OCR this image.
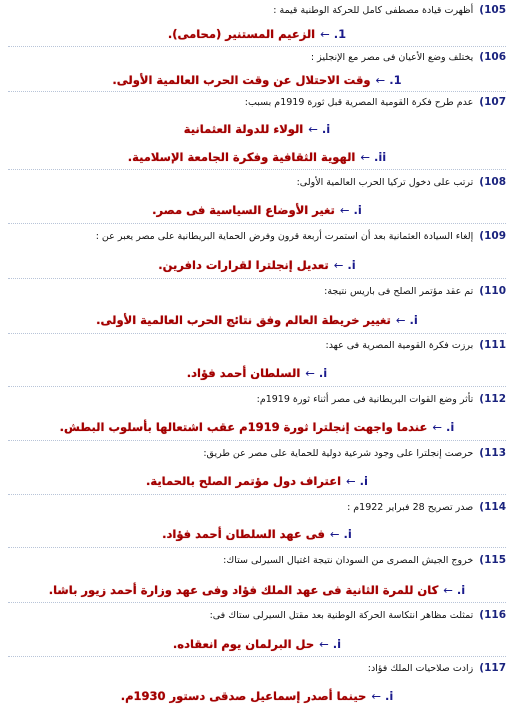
105)أظهرت قيادة مصطفى كامل للحركة الوطنية قيمة :
1.←الزعيم المستنير (محامى).
106)يختلف وضع الأعيان فى مصر مع الإنجليز :
1.←وقت الاحتلال عن وقت الحرب العالمية الأولى.
107)عدم طرح فكرة القومية المصرية قبل ثورة 1919م بسبب:
i.←الولاء للدولة العثمانية
ii.←الهوية الثقافية وفكرة الجامعة الإسلامية.
108)ترتب على دخول تركيا الحرب العالمية الأولى:
i.←تغير الأوضاع السياسية فى مصر.
109)إلغاء السيادة العثمانية بعد أن استمرت أربعة قرون وفرض الحماية البريطانية على مصر يعبر عن :
i.←تعديل إنجلترا لقرارات دافرين.
110)تم عقد مؤتمر الصلح فى باريس نتيجة:
i.←تغيير خريطة العالم وفق نتائج الحرب العالمية الأولى.
111)برزت فكرة القومية المصرية فى عهد:
i.←السلطان أحمد فؤاد.
112)تأثر وضع القوات البريطانية فى مصر أثناء ثورة 1919م:
i.←عندما واجهت إنجلترا ثورة 1919م عقب اشتعالها بأسلوب البطش.
113)حرصت إنجلترا على وجود شرعية دولية للحماية على مصر عن طريق:
i.←اعتراف دول مؤتمر الصلح بالحماية.
114)صدر تصريح 28 فبراير 1922م :
i.←فى عهد السلطان أحمد فؤاد.
115)خروج الجيش المصرى من السودان نتيجة اغتيال السيرلى ستاك:
i.←كان للمرة الثانية فى عهد الملك فؤاد وفى عهد وزارة أحمد زيور باشا.
116)تمثلت مظاهر انتكاسة الحركة الوطنية بعد مقتل السيرلى ستاك فى:
i.←حل البرلمان يوم انعقاده.
117)زادت صلاحيات الملك فؤاد:
i.←حينما أصدر إسماعيل صدقى دستور 1930م.
